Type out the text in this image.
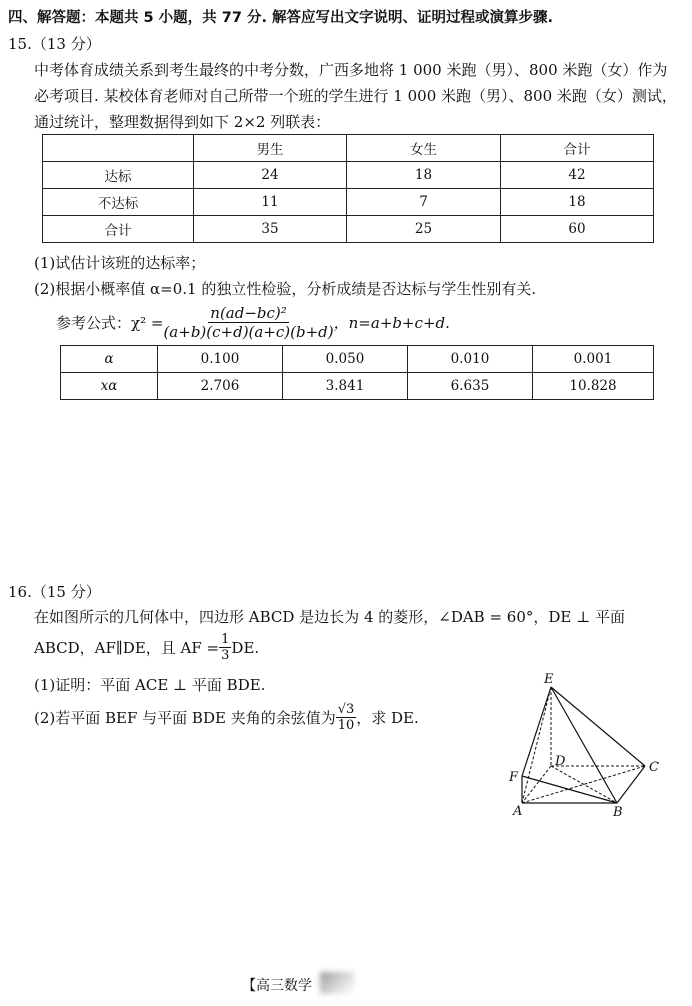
四、解答题：本题共 5 小题，共 77 分. 解答应写出文字说明、证明过程或演算步骤.
15.（13 分）
中考体育成绩关系到考生最终的中考分数，广西多地将 1 000 米跑（男）、800 米跑（女）作为
必考项目. 某校体育老师对自己所带一个班的学生进行 1 000 米跑（男）、800 米跑（女）测试，
通过统计，整理数据得到如下 2×2 列联表：
	男生	女生	合计
达标	24	18	42
不达标	11	7	18
合计	35	25	60
(1)试估计该班的达标率；
(2)根据小概率值 α=0.1 的独立性检验，分析成绩是否达标与学生性别有关.
参考公式：$\chi^2 = \frac{\text{n(ad−bc)²}}{(a+b)(c+d)(a+c)(b+d)}$ ，n=a+b+c+d.
α	0.100	0.050	0.010	0.001
xα	2.706	3.841	6.635	10.828
16.（15 分）
在如图所示的几何体中，四边形 ABCD 是边长为 4 的菱形，∠DAB = 60°，DE ⊥ 平面
ABCD，AF∥DE，且 AF = $\frac{1}{3}$ DE.
(1)证明：平面 ACE ⊥ 平面 BDE.
(2)若平面 BEF 与平面 BDE 夹角的余弦值为 $\frac{√3}{10}$ ，求 DE.
E
D	C
F
A	B
【高三数学
